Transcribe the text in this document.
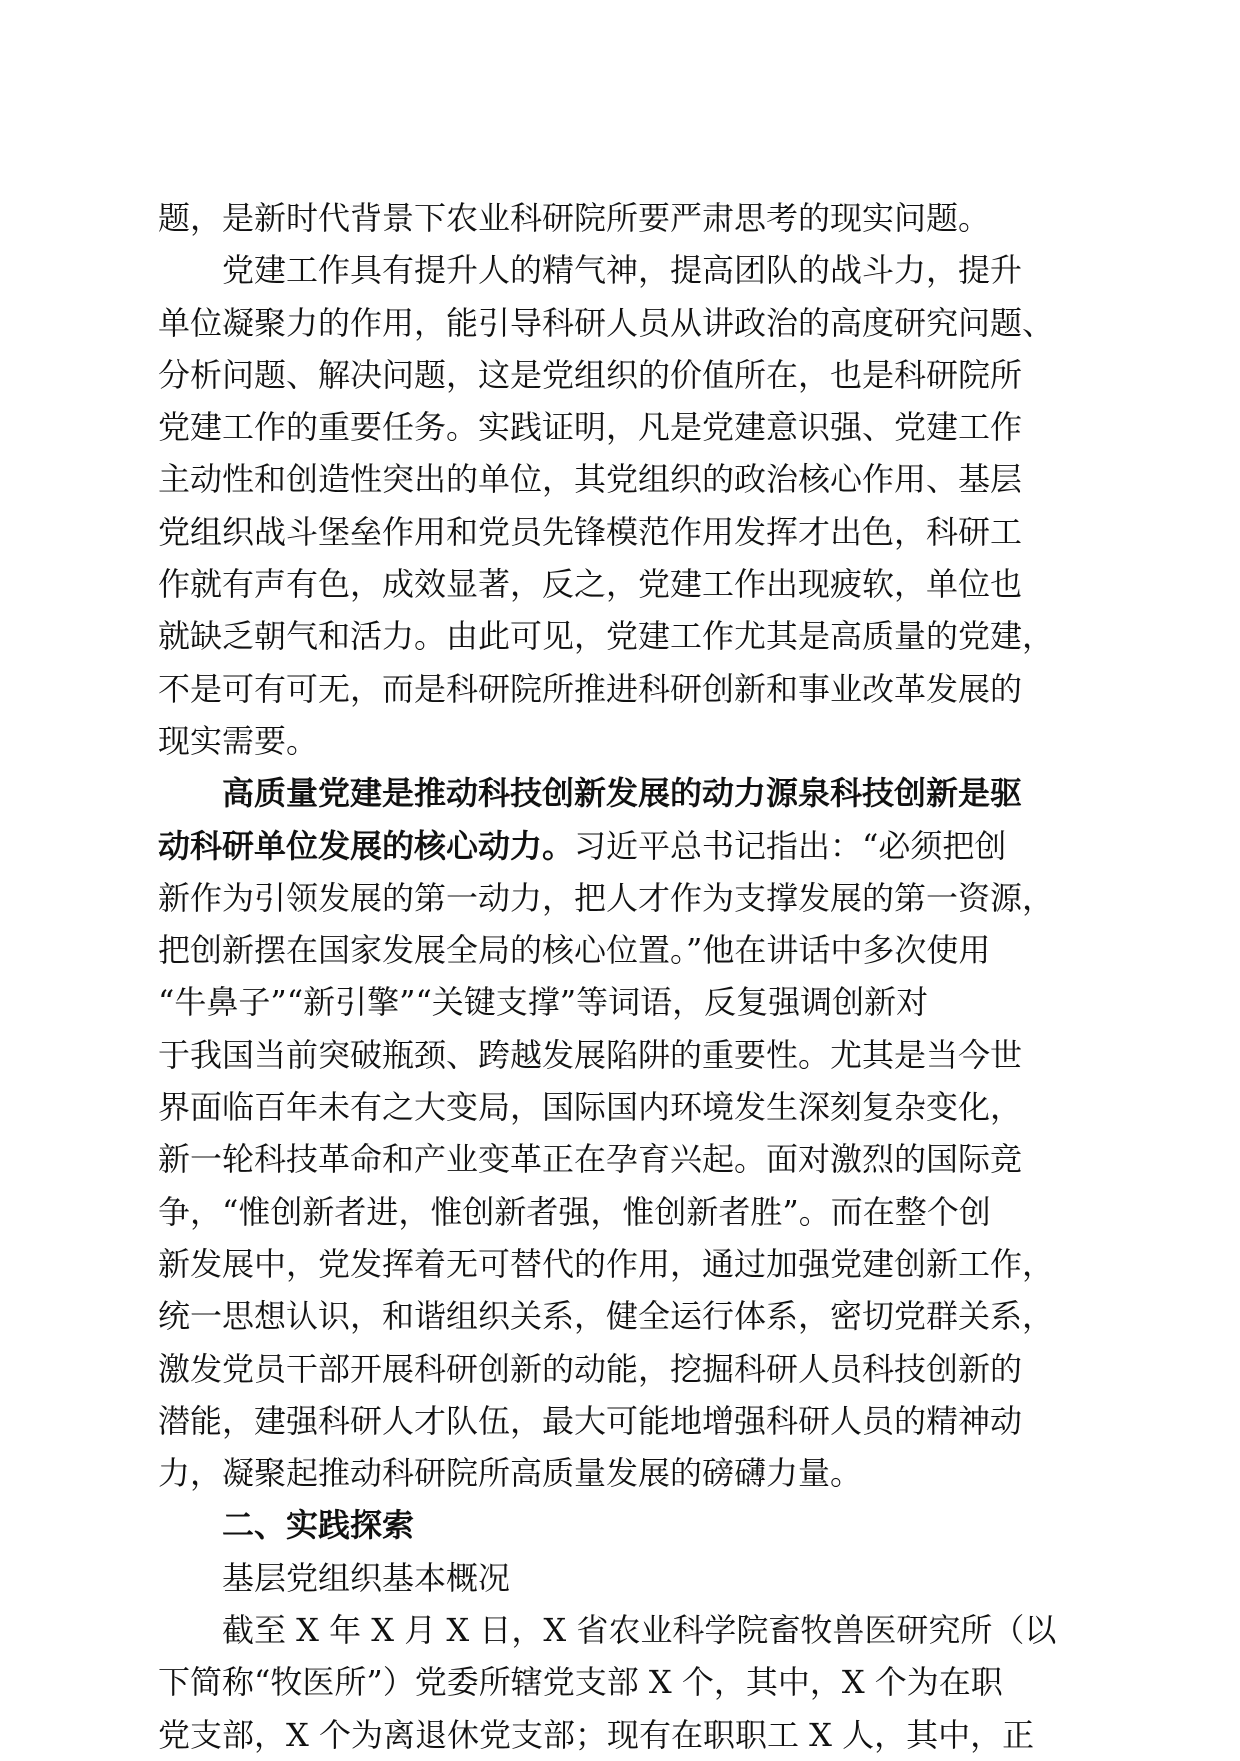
题，是新时代背景下农业科研院所要严肃思考的现实问题。
党建工作具有提升人的精气神，提高团队的战斗力，提升
单位凝聚力的作用，能引导科研人员从讲政治的高度研究问题、
分析问题、解决问题，这是党组织的价值所在，也是科研院所
党建工作的重要任务。实践证明，凡是党建意识强、党建工作
主动性和创造性突出的单位，其党组织的政治核心作用、基层
党组织战斗堡垒作用和党员先锋模范作用发挥才出色，科研工
作就有声有色，成效显著，反之，党建工作出现疲软，单位也
就缺乏朝气和活力。由此可见，党建工作尤其是高质量的党建，
不是可有可无，而是科研院所推进科研创新和事业改革发展的
现实需要。
高质量党建是推动科技创新发展的动力源泉科技创新是驱
动科研单位发展的核心动力。习近平总书记指出：“必须把创
新作为引领发展的第一动力，把人才作为支撑发展的第一资源，
把创新摆在国家发展全局的核心位置。”他在讲话中多次使用
“牛鼻子”“新引擎”“关键支撑”等词语，反复强调创新对
于我国当前突破瓶颈、跨越发展陷阱的重要性。尤其是当今世
界面临百年未有之大变局，国际国内环境发生深刻复杂变化，
新一轮科技革命和产业变革正在孕育兴起。面对激烈的国际竞
争，“惟创新者进，惟创新者强，惟创新者胜”。而在整个创
新发展中，党发挥着无可替代的作用，通过加强党建创新工作，
统一思想认识，和谐组织关系，健全运行体系，密切党群关系，
激发党员干部开展科研创新的动能，挖掘科研人员科技创新的
潜能，建强科研人才队伍，最大可能地增强科研人员的精神动
力，凝聚起推动科研院所高质量发展的磅礴力量。
二、实践探索
基层党组织基本概况
截至 X 年 X 月 X 日，X 省农业科学院畜牧兽医研究所（以
下简称“牧医所”）党委所辖党支部 X 个，其中，X 个为在职
党支部，X 个为离退休党支部；现有在职职工 X 人，其中，正
